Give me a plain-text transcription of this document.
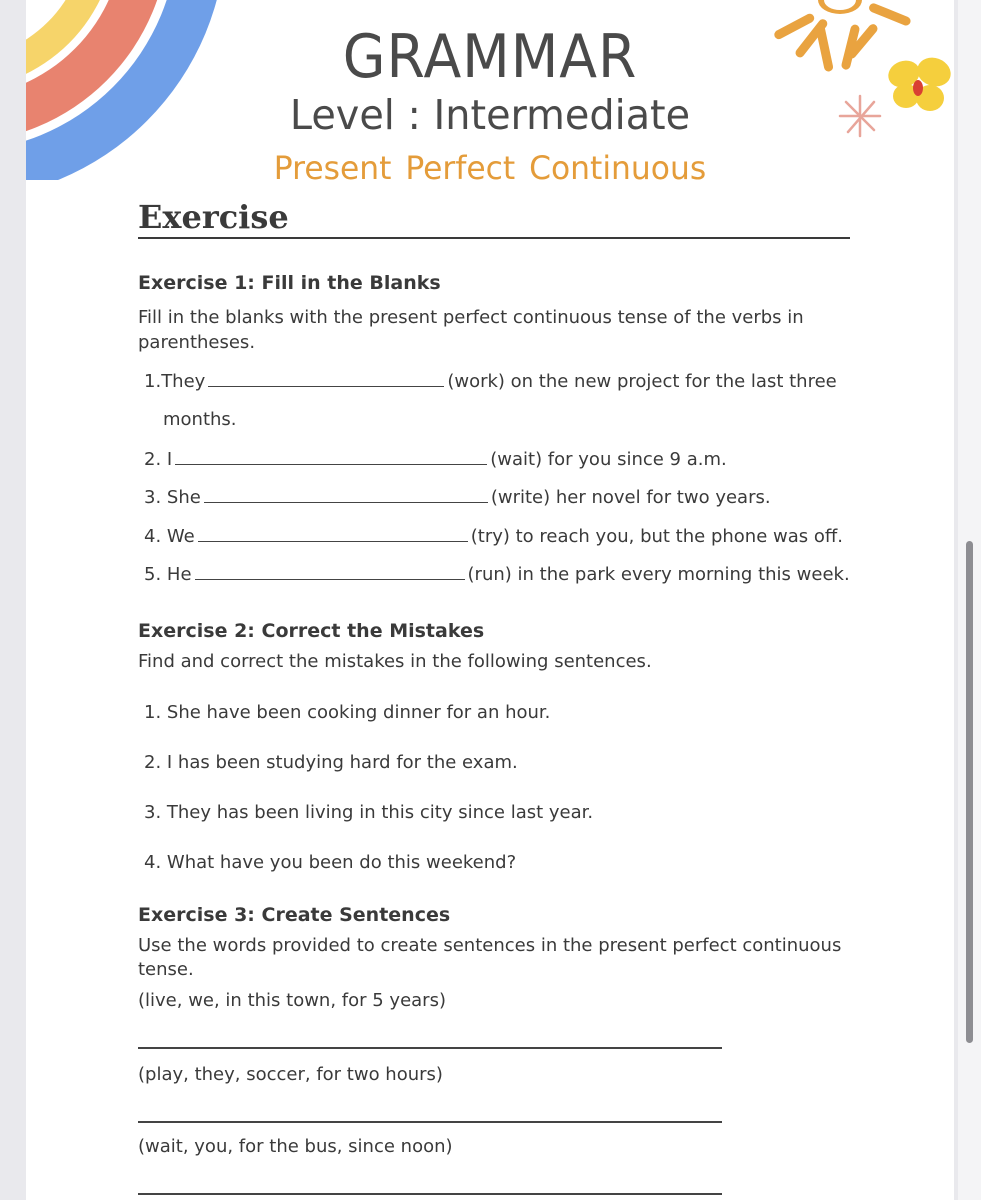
GRAMMAR
Level : Intermediate
Present Perfect Continuous
Exercise
Exercise 1: Fill in the Blanks
Fill in the blanks with the present perfect continuous tense of the verbs in
parentheses.
1.They	(work) on the new project for the last three
months.
2. I	(wait) for you since 9 a.m.
3. She	(write) her novel for two years.
4. We	(try) to reach you, but the phone was off.
5. He	(run) in the park every morning this week.
Exercise 2: Correct the Mistakes
Find and correct the mistakes in the following sentences.
1. She have been cooking dinner for an hour.
2. I has been studying hard for the exam.
3. They has been living in this city since last year.
4. What have you been do this weekend?
Exercise 3: Create Sentences
Use the words provided to create sentences in the present perfect continuous
tense.
(live, we, in this town, for 5 years)
(play, they, soccer, for two hours)
(wait, you, for the bus, since noon)
